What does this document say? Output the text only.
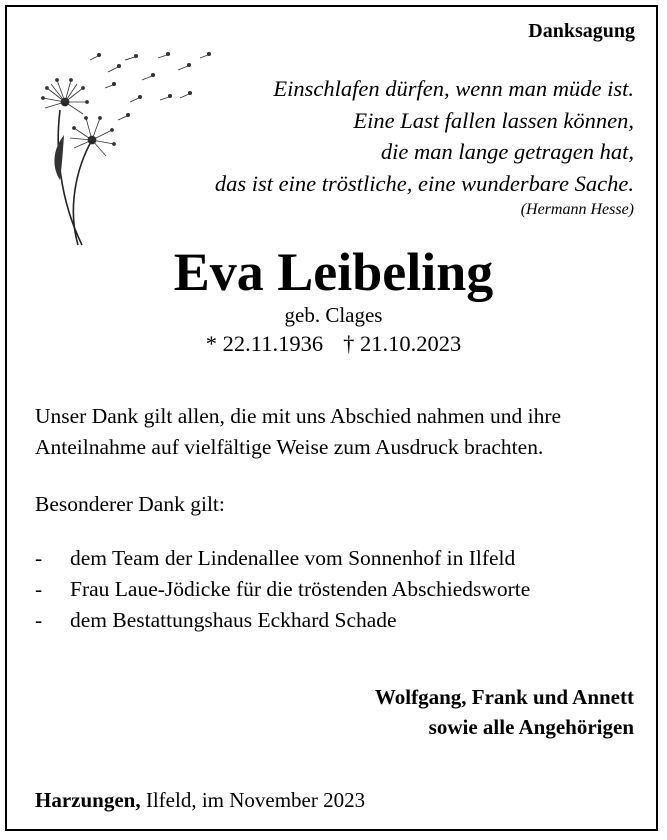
Danksagung
Einschlafen dürfen, wenn man müde ist.
Eine Last fallen lassen können,
die man lange getragen hat,
das ist eine tröstliche, eine wunderbare Sache.
(Hermann Hesse)
Eva Leibeling
geb. Clages
* 22.11.1936 † 21.10.2023
Unser Dank gilt allen, die mit uns Abschied nahmen und ihre
Anteilnahme auf vielfältige Weise zum Ausdruck brachten.
Besonderer Dank gilt:
-	dem Team der Lindenallee vom Sonnenhof in Ilfeld
-	Frau Laue-Jödicke für die tröstenden Abschiedsworte
-	dem Bestattungshaus Eckhard Schade
Wolfgang, Frank und Annett
sowie alle Angehörigen
Harzungen, Ilfeld, im November 2023
